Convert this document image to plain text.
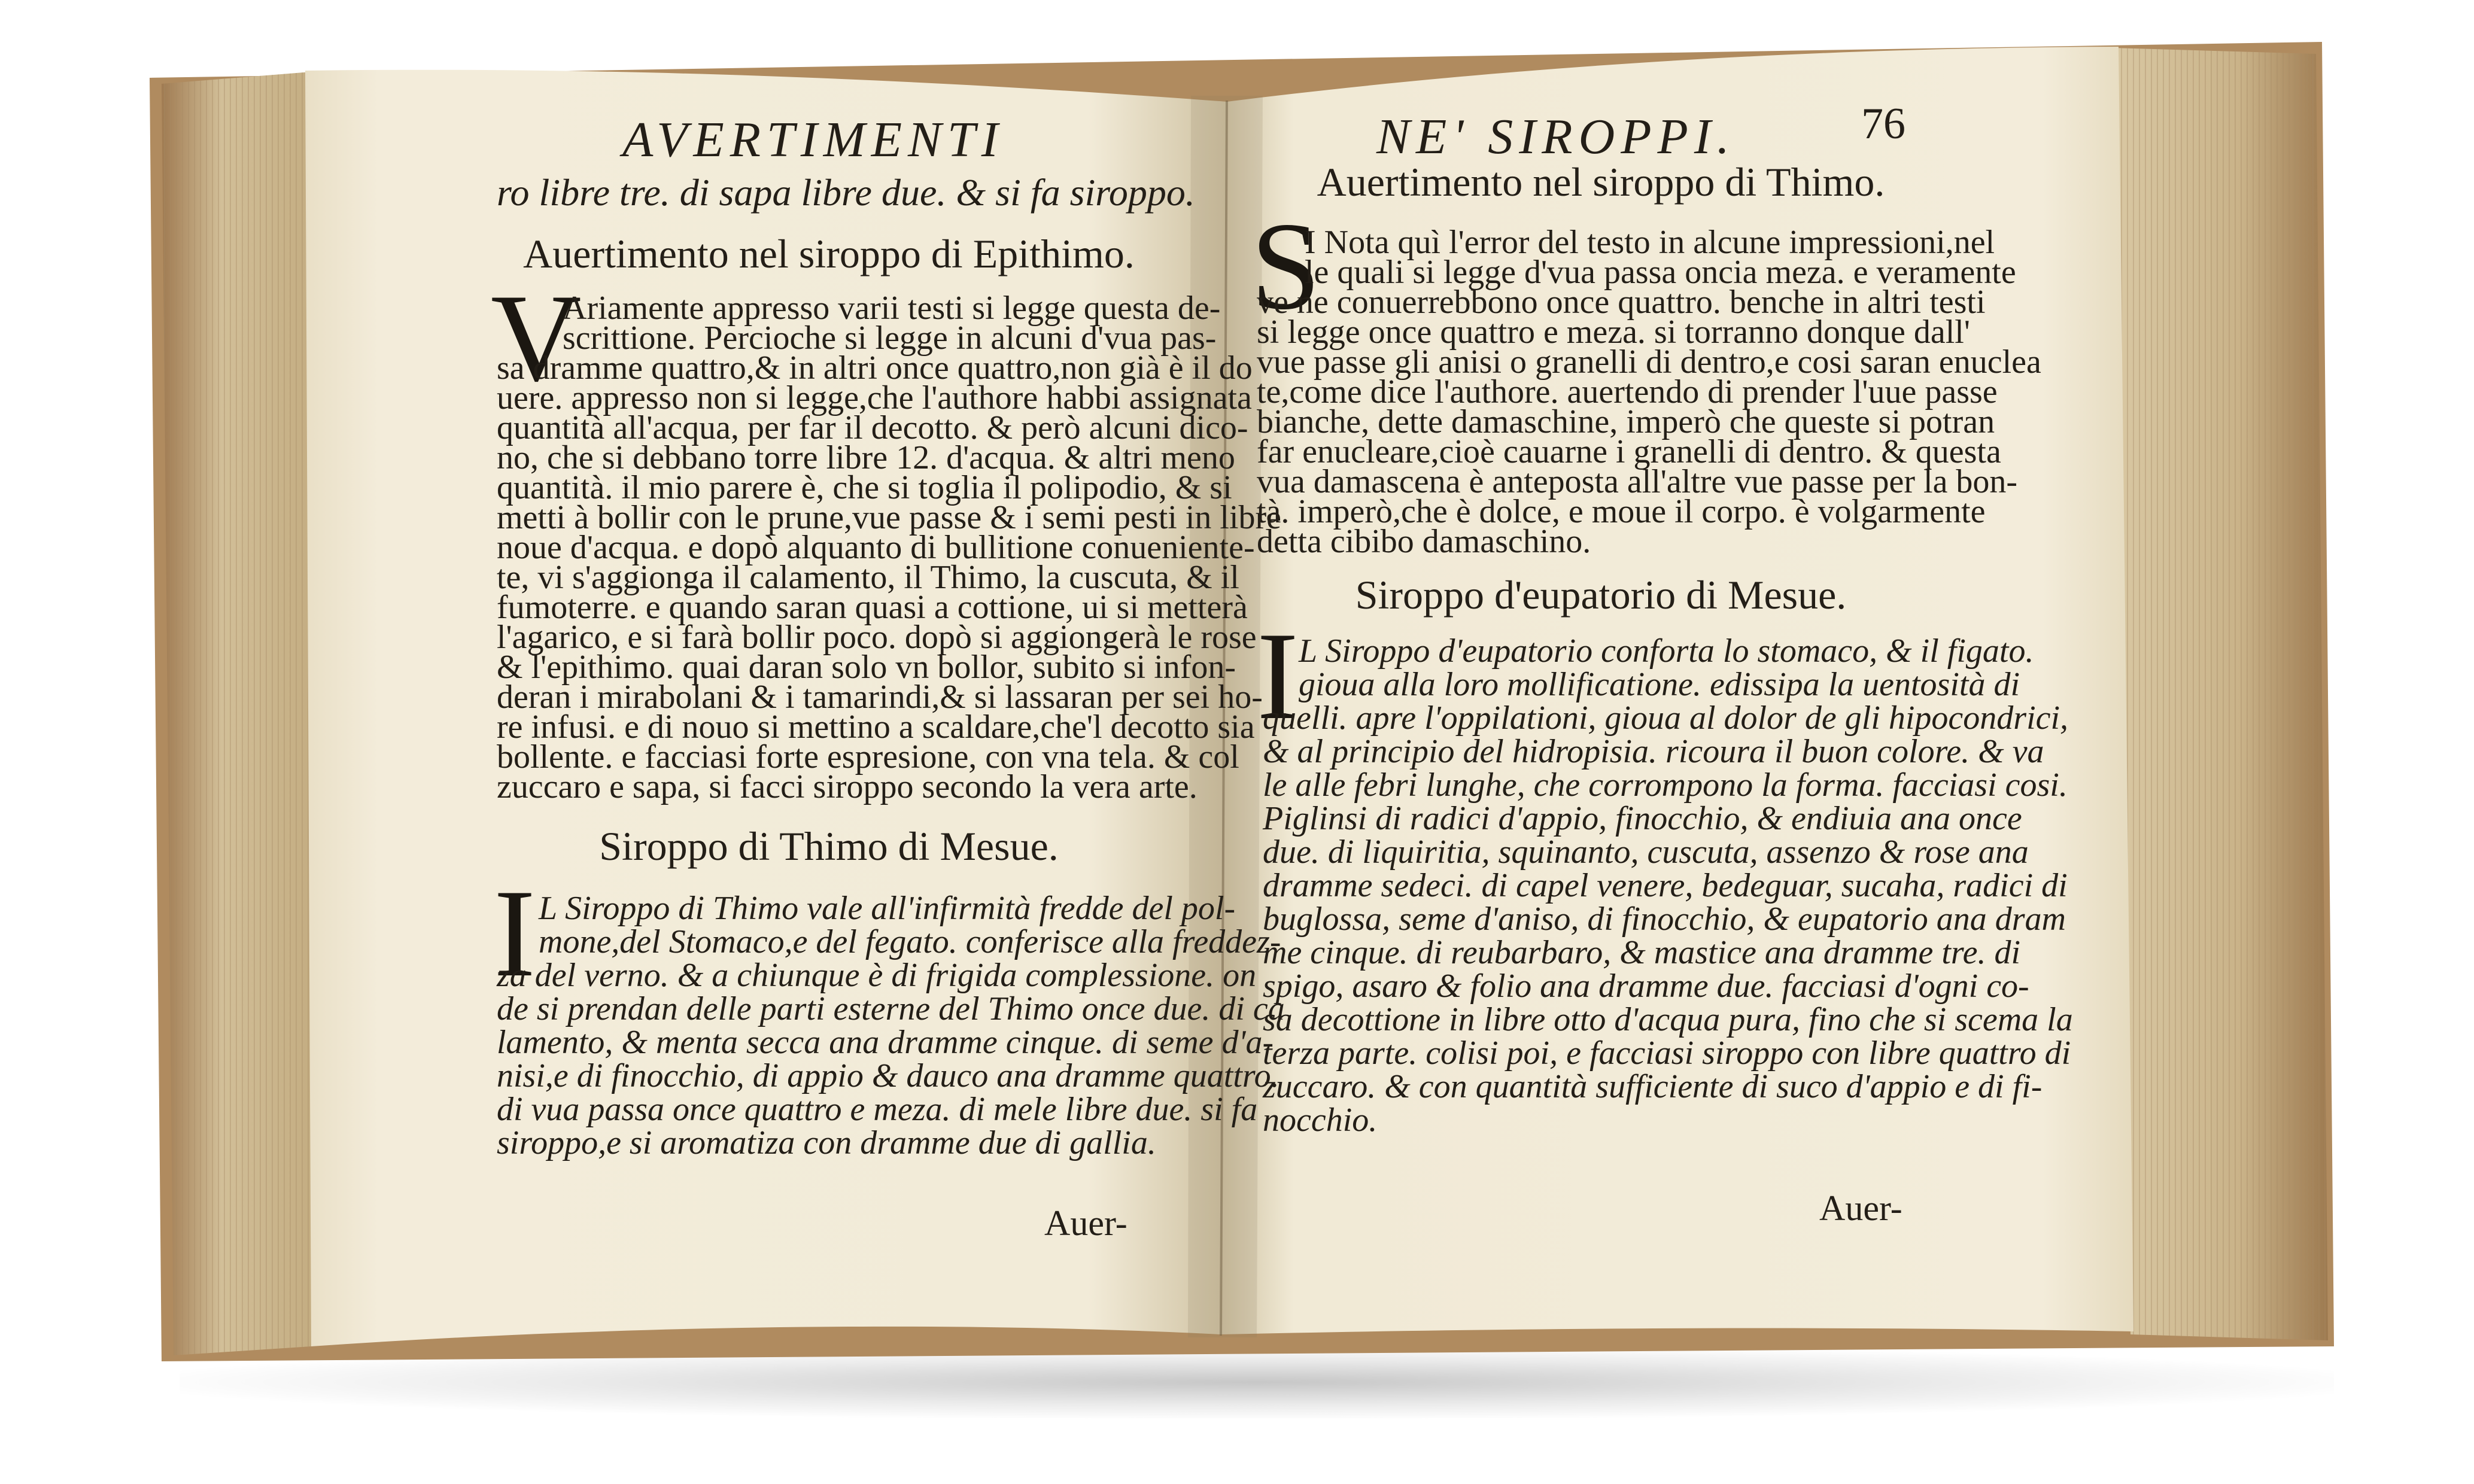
AVERTIMENTI
ro libre tre. di sapa libre due. & si fa siroppo.
Auertimento nel siroppo di Epithimo.
V
Ariamente appresso varii testi si legge questa de-
scrittione. Percioche si legge in alcuni d'vua pas-
sa dramme quattro,& in altri once quattro,non già è il do
uere. appresso non si legge,che l'authore habbi assignata
quantità all'acqua, per far il decotto. & però alcuni dico-
no, che si debbano torre libre 12. d'acqua. & altri meno
quantità. il mio parere è, che si toglia il polipodio, & si
metti à bollir con le prune,vue passe & i semi pesti in libre
noue d'acqua. e dopò alquanto di bullitione conueniente-
te, vi s'aggionga il calamento, il Thimo, la cuscuta, & il
fumoterre. e quando saran quasi a cottione, ui si metterà
l'agarico, e si farà bollir poco. dopò si aggiongerà le rose
& l'epithimo. quai daran solo vn bollor, subito si infon-
deran i mirabolani & i tamarindi,& si lassaran per sei ho-
re infusi. e di nouo si mettino a scaldare,che'l decotto sia
bollente. e facciasi forte espresione, con vna tela. & col
zuccaro e sapa, si facci siroppo secondo la vera arte.
Siroppo di Thimo di Mesue.
I L Siroppo di Thimo vale all'infirmità fredde del pol-
mone,del Stomaco,e del fegato. conferisce alla freddez-
za del verno. & a chiunque è di frigida complessione. on
de si prendan delle parti esterne del Thimo once due. di ca
lamento, & menta secca ana dramme cinque. di seme d'a-
nisi,e di finocchio, di appio & dauco ana dramme quattro.
di vua passa once quattro e meza. di mele libre due. si fa
siroppo,e si aromatiza con dramme due di gallia.
Auer-
NE' SIROPPI.	76
Auertimento nel siroppo di Thimo.
S
I Nota quì l'error del testo in alcune impressioni,nel
le quali si legge d'vua passa oncia meza. e veramente
ve ne conuerrebbono once quattro. benche in altri testi
si legge once quattro e meza. si torranno donque dall'
vue passe gli anisi o granelli di dentro,e cosi saran enuclea
te,come dice l'authore. auertendo di prender l'uue passe
bianche, dette damaschine, imperò che queste si potran
far enucleare,cioè cauarne i granelli di dentro. & questa
vua damascena è anteposta all'altre vue passe per la bon-
tà. imperò,che è dolce, e moue il corpo. è volgarmente
detta cibibo damaschino.
Siroppo d'eupatorio di Mesue.
I L Siroppo d'eupatorio conforta lo stomaco, & il figato.
gioua alla loro mollificatione. edissipa la uentosità di
quelli. apre l'oppilationi, gioua al dolor de gli hipocondrici,
& al principio del hidropisia. ricoura il buon colore. & va
le alle febri lunghe, che corrompono la forma. facciasi cosi.
Piglinsi di radici d'appio, finocchio, & endiuia ana once
due. di liquiritia, squinanto, cuscuta, assenzo & rose ana
dramme sedeci. di capel venere, bedeguar, sucaha, radici di
buglossa, seme d'aniso, di finocchio, & eupatorio ana dram
me cinque. di reubarbaro, & mastice ana dramme tre. di
spigo, asaro & folio ana dramme due. facciasi d'ogni co-
sa decottione in libre otto d'acqua pura, fino che si scema la
terza parte. colisi poi, e facciasi siroppo con libre quattro di
zuccaro. & con quantità sufficiente di suco d'appio e di fi-
nocchio.
Auer-
